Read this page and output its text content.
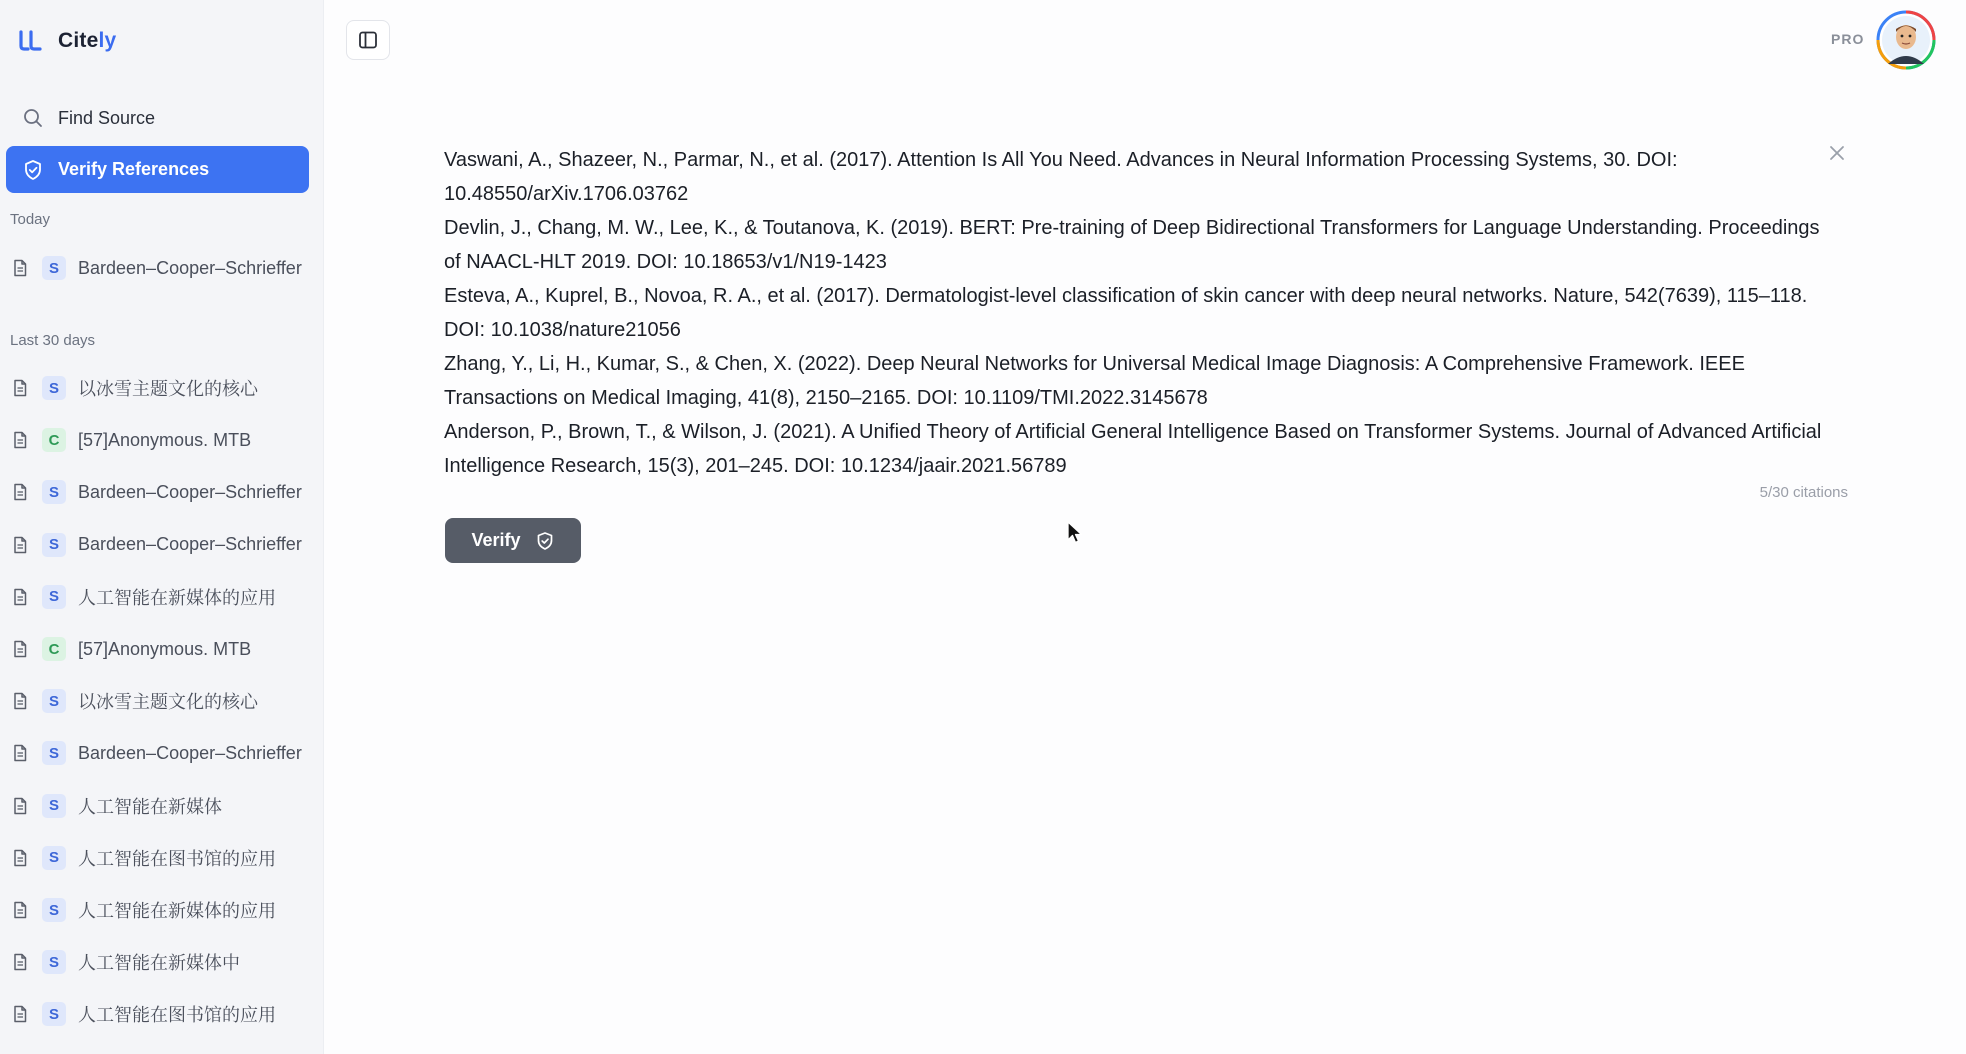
Citely
Find Source
Verify References
Today
S	Bardeen–Cooper–Schrieffer
Last 30 days
S	以冰雪主题文化的核心
C	[57]Anonymous. MTB
S	Bardeen–Cooper–Schrieffer
S	Bardeen–Cooper–Schrieffer
S	人工智能在新媒体的应用
C	[57]Anonymous. MTB
S	以冰雪主题文化的核心
S	Bardeen–Cooper–Schrieffer
S	人工智能在新媒体
S	人工智能在图书馆的应用
S	人工智能在新媒体的应用
S	人工智能在新媒体中
S	人工智能在图书馆的应用
PRO

Vaswani, A., Shazeer, N., Parmar, N., et al. (2017). Attention Is All You Need. Advances in Neural Information Processing Systems, 30. DOI: 10.48550/arXiv.1706.03762

Devlin, J., Chang, M. W., Lee, K., & Toutanova, K. (2019). BERT: Pre-training of Deep Bidirectional Transformers for Language Understanding. Proceedings of NAACL-HLT 2019. DOI: 10.18653/v1/N19-1423

Esteva, A., Kuprel, B., Novoa, R. A., et al. (2017). Dermatologist-level classification of skin cancer with deep neural networks. Nature, 542(7639), 115–118. DOI: 10.1038/nature21056

Zhang, Y., Li, H., Kumar, S., & Chen, X. (2022). Deep Neural Networks for Universal Medical Image Diagnosis: A Comprehensive Framework. IEEE Transactions on Medical Imaging, 41(8), 2150–2165. DOI: 10.1109/TMI.2022.3145678

Anderson, P., Brown, T., & Wilson, J. (2021). A Unified Theory of Artificial General Intelligence Based on Transformer Systems. Journal of Advanced Artificial Intelligence Research, 15(3), 201–245. DOI: 10.1234/jaair.2021.56789

5/30 citations
Verify
